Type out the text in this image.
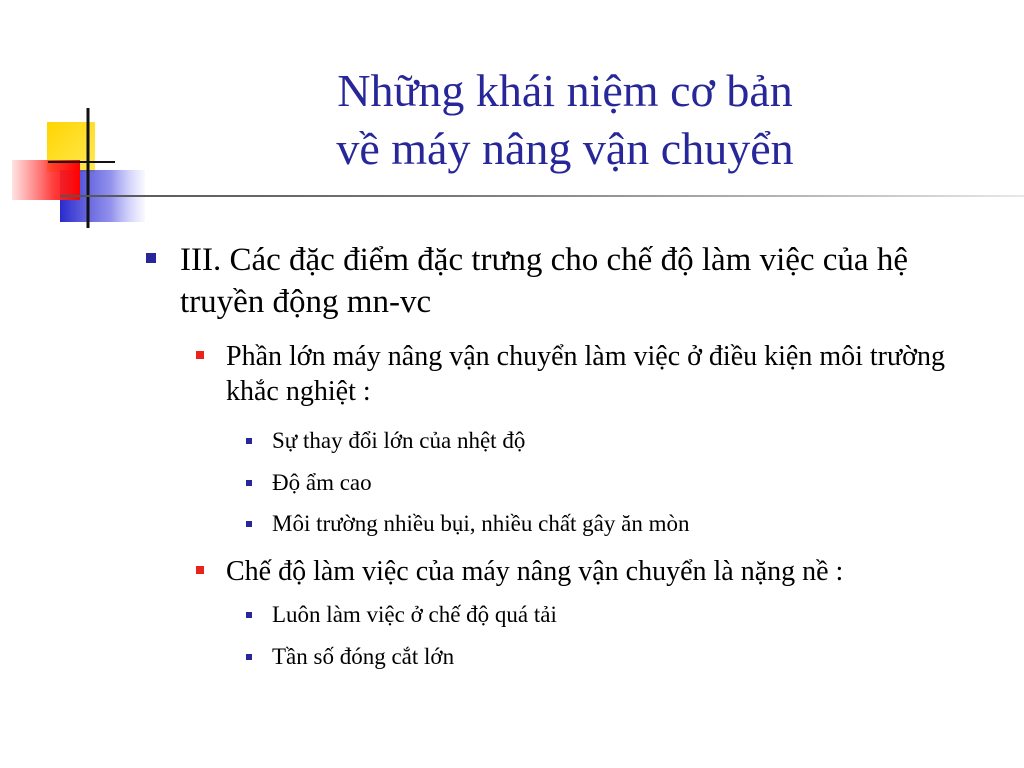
Những khái niệm cơ bản
về máy nâng vận chuyển
III. Các đặc điểm đặc trưng cho chế độ làm việc của hệ truyền động mn-vc
Phần lớn máy nâng vận chuyển làm việc ở điều kiện môi trường khắc nghiệt :
Sự thay đổi lớn của nhệt độ
Độ ẩm cao
Môi trường nhiều bụi, nhiều chất gây ăn mòn
Chế độ làm việc của máy nâng vận chuyển là nặng nề :
Luôn làm việc ở chế độ quá tải
Tần số đóng cắt lớn
